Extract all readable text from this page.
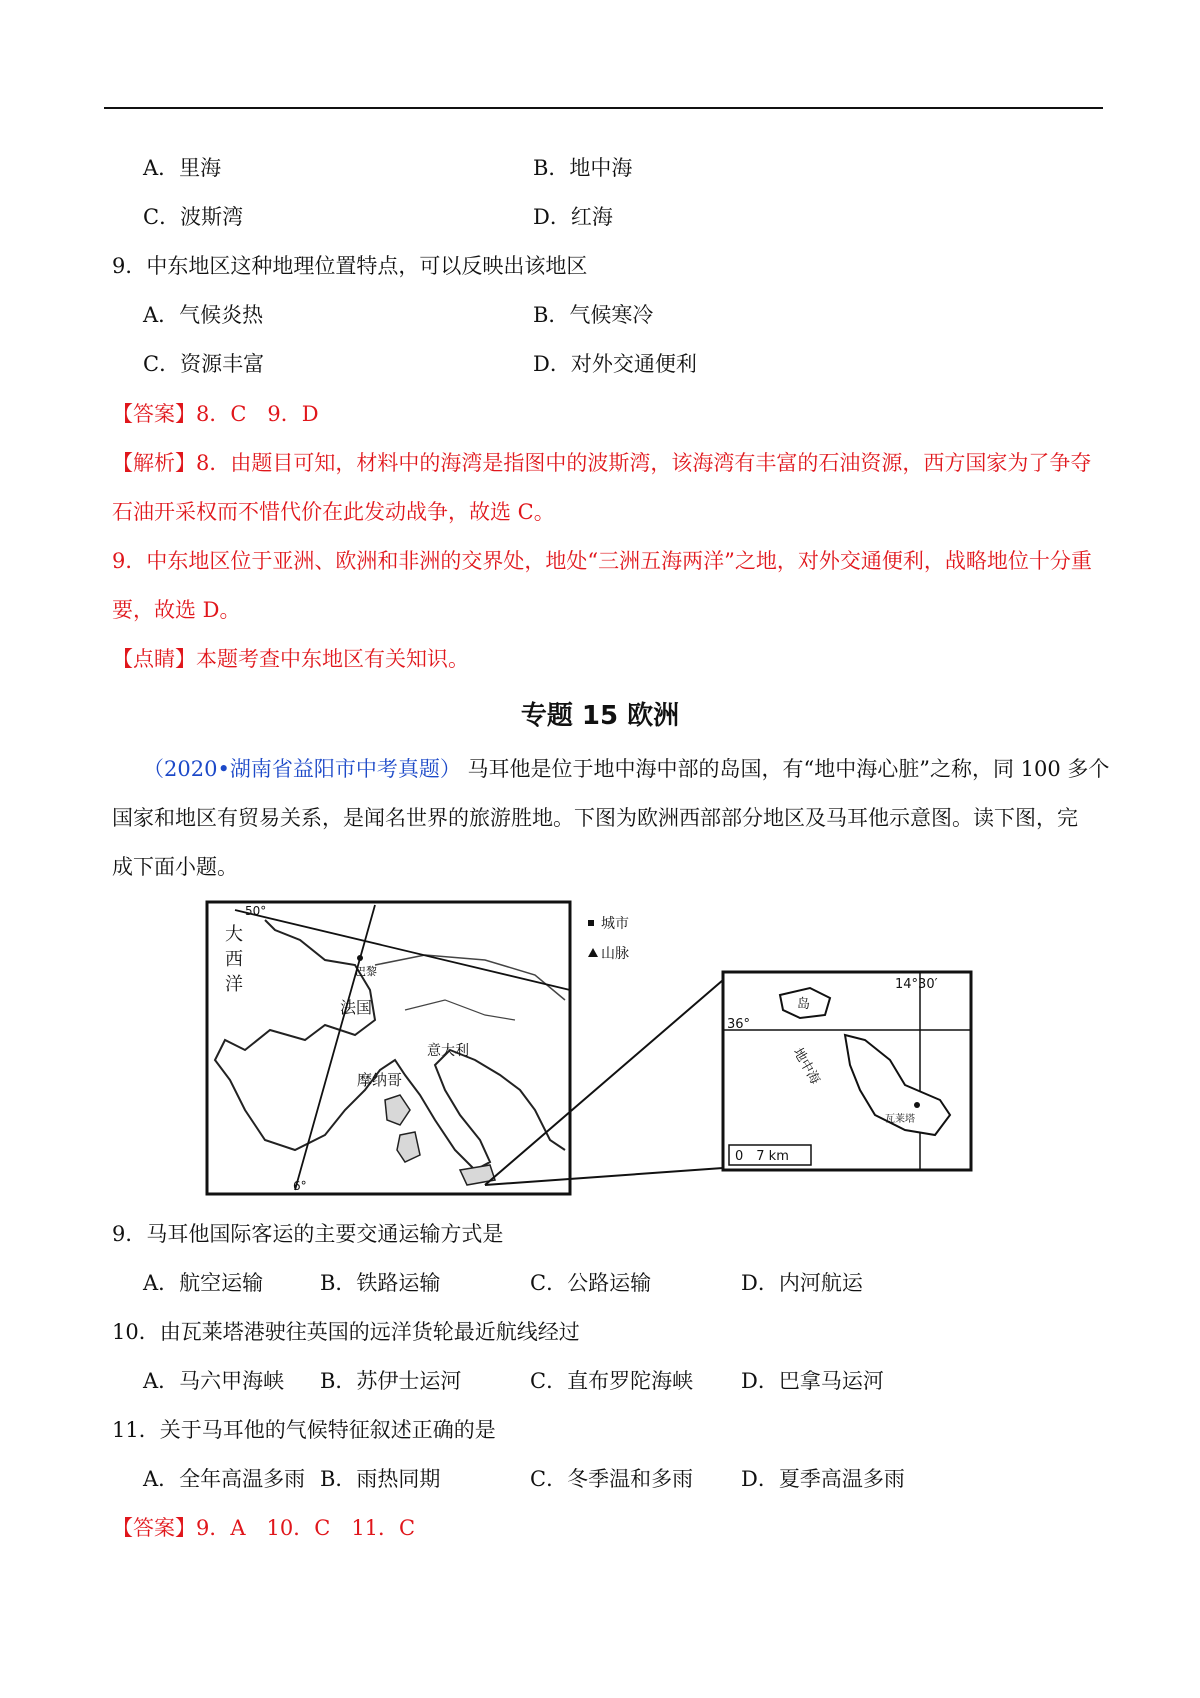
A．里海	B．地中海
C．波斯湾	D．红海
9．中东地区这种地理位置特点，可以反映出该地区
A．气候炎热	B．气候寒冷
C．资源丰富	D．对外交通便利
【答案】8．C　9．D
【解析】8．由题目可知，材料中的海湾是指图中的波斯湾，该海湾有丰富的石油资源，西方国家为了争夺
石油开采权而不惜代价在此发动战争，故选 C。
9．中东地区位于亚洲、欧洲和非洲的交界处，地处“三洲五海两洋”之地，对外交通便利，战略地位十分重
要，故选 D。
【点睛】本题考查中东地区有关知识。
专题 15 欧洲
（2020•湖南省益阳市中考真题） 马耳他是位于地中海中部的岛国，有“地中海心脏”之称，同 100 多个
国家和地区有贸易关系，是闻名世界的旅游胜地。下图为欧洲西部部分地区及马耳他示意图。读下图，完
成下面小题。
大
西
洋
50°
6°
巴黎
法国
摩纳哥
意大利
城市
山脉
14°30′
36°
岛
地中海
瓦莱塔
0　7 km
9．马耳他国际客运的主要交通运输方式是
A．航空运输	B．铁路运输	C．公路运输	D．内河航运
10．由瓦莱塔港驶往英国的远洋货轮最近航线经过
A．马六甲海峡 B．苏伊士运河	C．直布罗陀海峡 D．巴拿马运河
11．关于马耳他的气候特征叙述正确的是
A．全年高温多雨 B．雨热同期	C．冬季温和多雨 D．夏季高温多雨
【答案】9．A　10．C　11．C
